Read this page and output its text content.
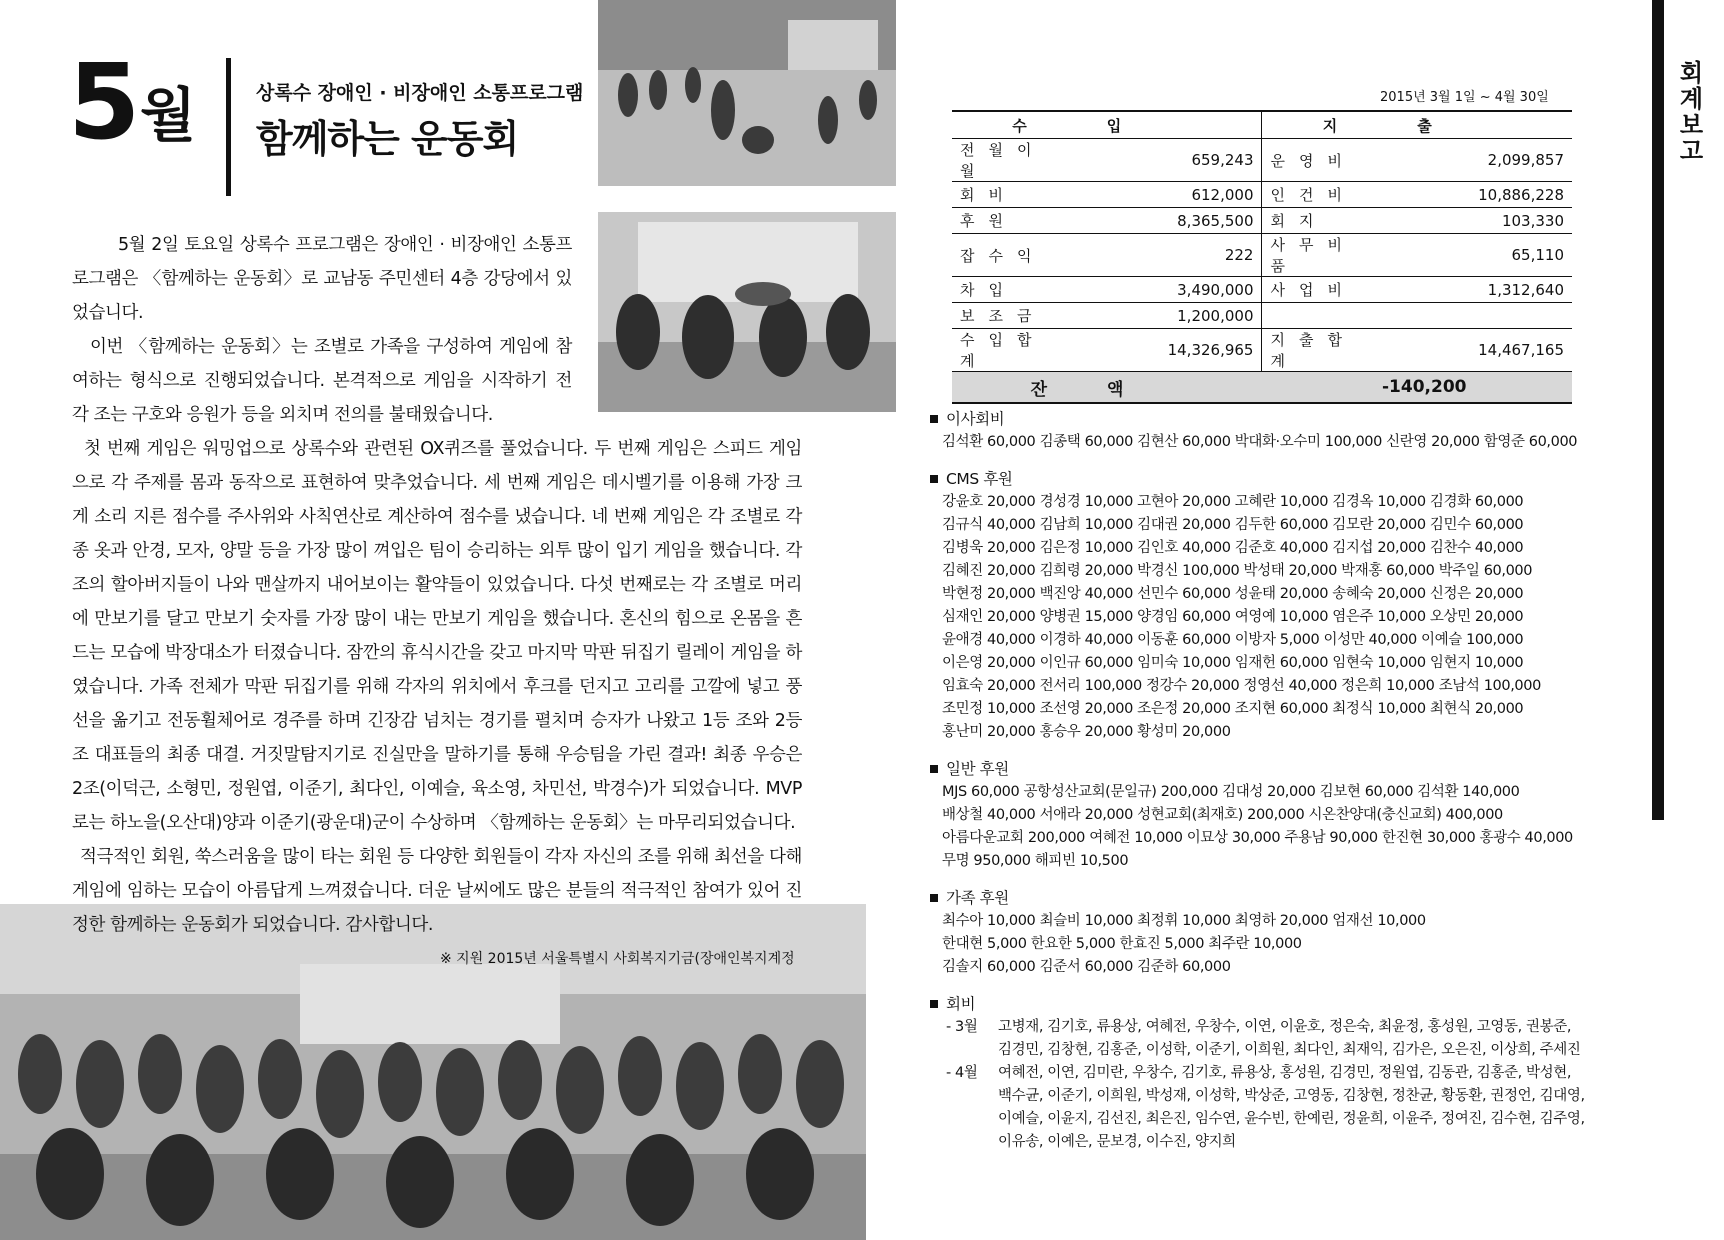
5 월	상록수 장애인 · 비장애인 소통프로그램
함께하는 운동회

5월 2일 토요일 상록수 프로그램은 장애인 · 비장애인 소통프로그램은 〈함께하는 운동회〉로 교남동 주민센터 4층 강당에서 있었습니다.

이번 〈함께하는 운동회〉는 조별로 가족을 구성하여 게임에 참여하는 형식으로 진행되었습니다. 본격적으로 게임을 시작하기 전 각 조는 구호와 응원가 등을 외치며 전의를 불태웠습니다.

첫 번째 게임은 워밍업으로 상록수와 관련된 OX퀴즈를 풀었습니다. 두 번째 게임은 스피드 게임으로 각 주제를 몸과 동작으로 표현하여 맞추었습니다. 세 번째 게임은 데시벨기를 이용해 가장 크게 소리 지른 점수를 주사위와 사칙연산로 계산하여 점수를 냈습니다. 네 번째 게임은 각 조별로 각종 옷과 안경, 모자, 양말 등을 가장 많이 껴입은 팀이 승리하는 외투 많이 입기 게임을 했습니다. 각 조의 할아버지들이 나와 맨살까지 내어보이는 활약들이 있었습니다. 다섯 번째로는 각 조별로 머리에 만보기를 달고 만보기 숫자를 가장 많이 내는 만보기 게임을 했습니다. 혼신의 힘으로 온몸을 흔드는 모습에 박장대소가 터졌습니다. 잠깐의 휴식시간을 갖고 마지막 막판 뒤집기 릴레이 게임을 하였습니다. 가족 전체가 막판 뒤집기를 위해 각자의 위치에서 후크를 던지고 고리를 고깔에 넣고 풍선을 옮기고 전동휠체어로 경주를 하며 긴장감 넘치는 경기를 펼치며 승자가 나왔고 1등 조와 2등 조 대표들의 최종 대결. 거짓말탐지기로 진실만을 말하기를 통해 우승팀을 가린 결과! 최종 우승은 2조(이덕근, 소형민, 정원엽, 이준기, 최다인, 이예슬, 육소영, 차민선, 박경수)가 되었습니다. MVP로는 하노을(오산대)양과 이준기(광운대)군이 수상하며 〈함께하는 운동회〉는 마무리되었습니다.

적극적인 회원, 쑥스러움을 많이 타는 회원 등 다양한 회원들이 각자 자신의 조를 위해 최선을 다해 게임에 임하는 모습이 아름답게 느껴졌습니다. 더운 날씨에도 많은 분들의 적극적인 참여가 있어 진정한 함께하는 운동회가 되었습니다. 감사합니다.

※ 지원 2015년 서울특별시 사회복지기금(장애인복지계정
회계보고
2015년 3월 1일 ~ 4월 30일
수입		지출	
전월이월	659,243	운영비	2,099,857
회비	612,000	인건비	10,886,228
후원	8,365,500	회지	103,330
잡수익	222	사무비품	65,110
차입	3,490,000	사업비	1,312,640
보조금	1,200,000		
수입합계	14,326,965	지출합계	14,467,165
잔액		-140,200	
이사회비
김석환 60,000 김종택 60,000 김현산 60,000 박대화·오수미 100,000 신란영 20,000 함영준 60,000
CMS 후원
강윤호 20,000 경성경 10,000 고현아 20,000 고혜란 10,000 김경옥 10,000 김경화 60,000
김규식 40,000 김남희 10,000 김대권 20,000 김두한 60,000 김모란 20,000 김민수 60,000
김병욱 20,000 김은정 10,000 김인호 40,000 김준호 40,000 김지섭 20,000 김찬수 40,000
김혜진 20,000 김희령 20,000 박경신 100,000 박성태 20,000 박재홍 60,000 박주일 60,000
박현정 20,000 백진앙 40,000 선민수 60,000 성윤태 20,000 송혜숙 20,000 신정은 20,000
심재인 20,000 양병권 15,000 양경임 60,000 여영예 10,000 염은주 10,000 오상민 20,000
윤애경 40,000 이경하 40,000 이동훈 60,000 이방자 5,000 이성만 40,000 이예슬 100,000
이은영 20,000 이인규 60,000 임미숙 10,000 임재헌 60,000 임현숙 10,000 임현지 10,000
임효숙 20,000 전서리 100,000 정강수 20,000 정영선 40,000 정은희 10,000 조남석 100,000
조민정 10,000 조선영 20,000 조은정 20,000 조지현 60,000 최정식 10,000 최현식 20,000
홍난미 20,000 홍승우 20,000 황성미 20,000
일반 후원
MJS 60,000 공항성산교회(문일규) 200,000 김대성 20,000 김보현 60,000 김석환 140,000
배상철 40,000 서애라 20,000 성현교회(최재호) 200,000 시온찬양대(충신교회) 400,000
아름다운교회 200,000 여혜전 10,000 이묘상 30,000 주용남 90,000 한진현 30,000 홍광수 40,000
무명 950,000 해피빈 10,500
가족 후원
최수아 10,000 최슬비 10,000 최정휘 10,000 최영하 20,000 엄재선 10,000
한대현 5,000 한요한 5,000 한효진 5,000 최주란 10,000
김솔지 60,000 김준서 60,000 김준하 60,000
회비
- 3월	고병재, 김기호, 류용상, 여혜전, 우창수, 이연, 이윤호, 정은숙, 최윤정, 홍성원, 고영동, 권봉준,
김경민, 김창현, 김홍준, 이성학, 이준기, 이희원, 최다인, 최재익, 김가은, 오은진, 이상희, 주세진
- 4월	여혜전, 이연, 김미란, 우창수, 김기호, 류용상, 홍성원, 김경민, 정원엽, 김동관, 김홍준, 박성현,
백수균, 이준기, 이희원, 박성재, 이성학, 박상준, 고영동, 김창현, 정찬균, 황동환, 권정언, 김대영,
이예슬, 이윤지, 김선진, 최은진, 임수연, 윤수빈, 한예린, 정윤희, 이윤주, 정여진, 김수현, 김주영,
이유송, 이예은, 문보경, 이수진, 양지희
